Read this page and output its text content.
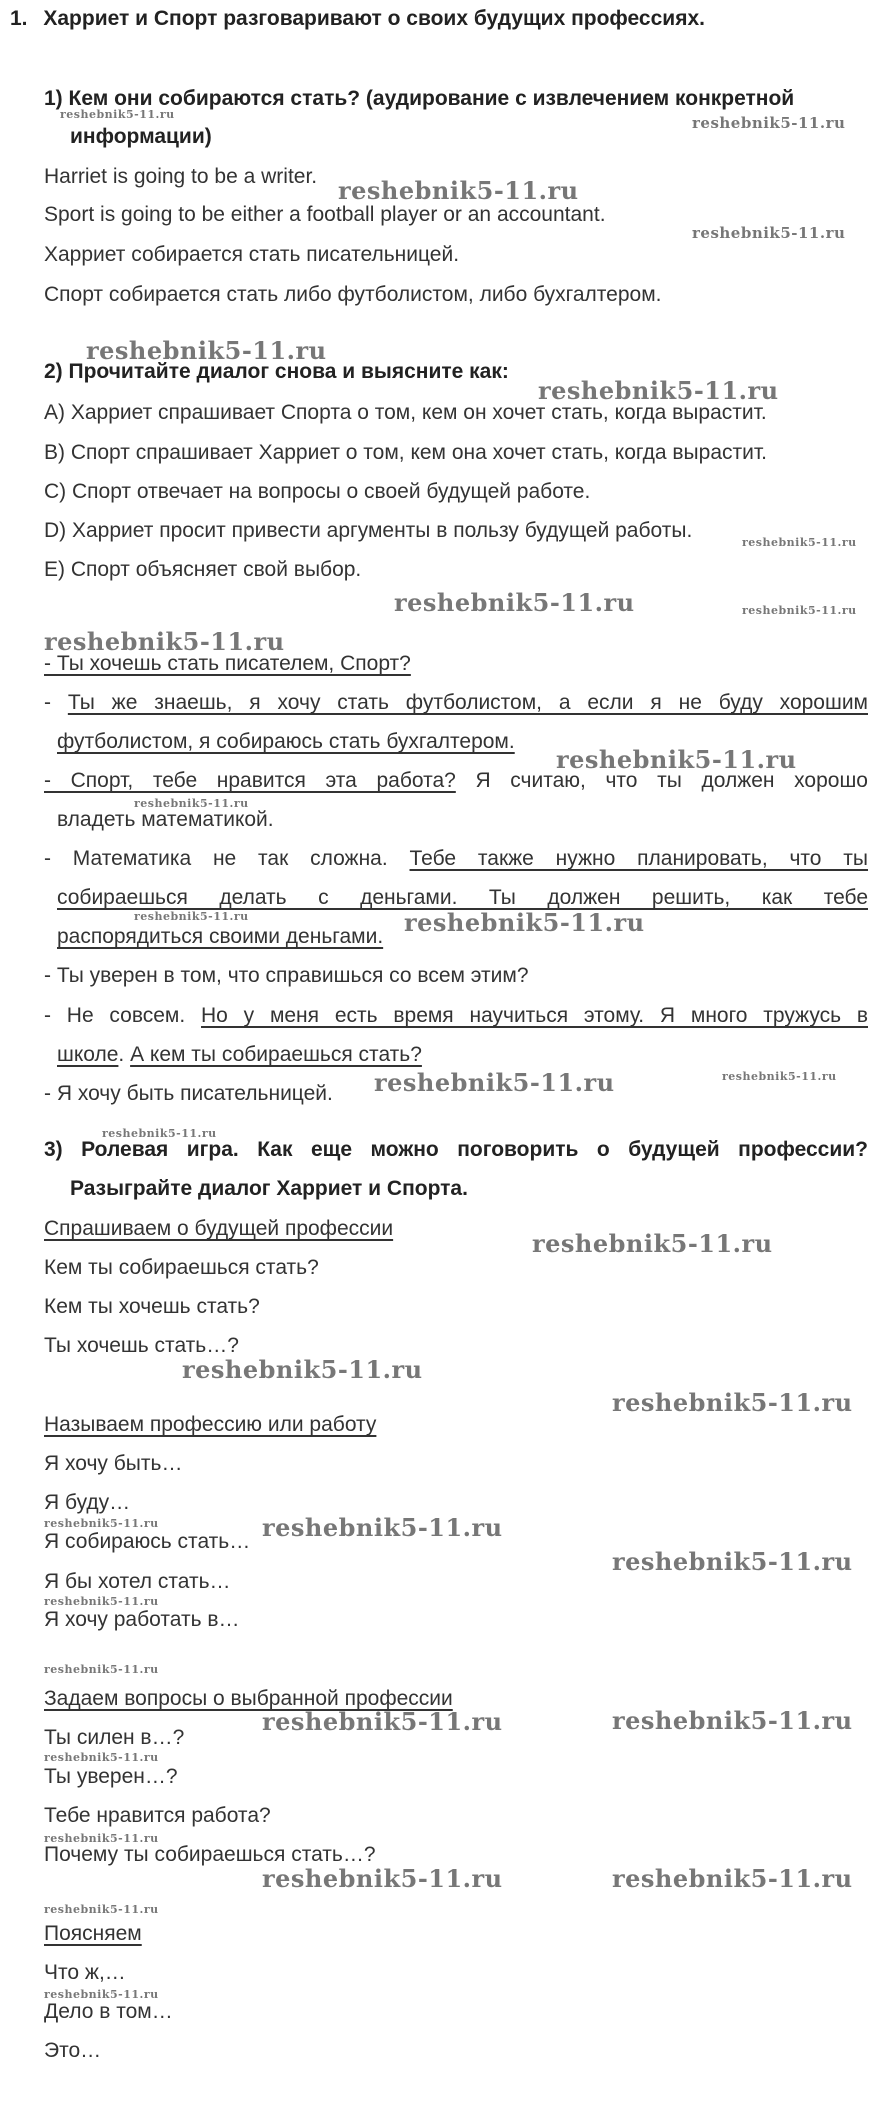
1. Харриет и Спорт разговаривают о своих будущих профессиях.
1) Кем они собираются стать? (аудирование с извлечением конкретной
информации)
Harriet is going to be a writer.
Sport is going to be either a football player or an accountant.
Харриет собирается стать писательницей.
Спорт собирается стать либо футболистом, либо бухгалтером.
2) Прочитайте диалог снова и выясните как:
A) Харриет спрашивает Спорта о том, кем он хочет стать, когда вырастит.
B) Спорт спрашивает Харриет о том, кем она хочет стать, когда вырастит.
C) Спорт отвечает на вопросы о своей будущей работе.
D) Харриет просит привести аргументы в пользу будущей работы.
E) Спорт объясняет свой выбор.
- Ты хочешь стать писателем, Спорт?
- Ты же знаешь, я хочу стать футболистом, а если я не буду хорошим
футболистом, я собираюсь стать бухгалтером.
- Спорт, тебе нравится эта работа? Я считаю, что ты должен хорошо
владеть математикой.
- Математика не так сложна. Тебе также нужно планировать, что ты
собираешься делать с деньгами. Ты должен решить, как тебе
распорядиться своими деньгами.
- Ты уверен в том, что справишься со всем этим?
- Не совсем. Но у меня есть время научиться этому. Я много тружусь в
школе. А кем ты собираешься стать?
- Я хочу быть писательницей.
3) Ролевая игра. Как еще можно поговорить о будущей профессии?
Разыграйте диалог Харриет и Спорта.
Спрашиваем о будущей профессии
Кем ты собираешься стать?
Кем ты хочешь стать?
Ты хочешь стать…?
Называем профессию или работу
Я хочу быть…
Я буду…
Я собираюсь стать…
Я бы хотел стать…
Я хочу работать в…
Задаем вопросы о выбранной профессии
Ты силен в…?
Ты уверен…?
Тебе нравится работа?
Почему ты собираешься стать…?
Поясняем
Что ж,…
Дело в том…
Это…
reshebnik5-11.ru	reshebnik5-11.ru
reshebnik5-11.ru
reshebnik5-11.ru
reshebnik5-11.ru
reshebnik5-11.ru
reshebnik5-11.ru
reshebnik5-11.ru	reshebnik5-11.ru
reshebnik5-11.ru
reshebnik5-11.ru
reshebnik5-11.ru
reshebnik5-11.ru
reshebnik5-11.ru
reshebnik5-11.ru	reshebnik5-11.ru
reshebnik5-11.ru
reshebnik5-11.ru
reshebnik5-11.ru
reshebnik5-11.ru
reshebnik5-11.ru	reshebnik5-11.ru
reshebnik5-11.ru
reshebnik5-11.ru
reshebnik5-11.ru
reshebnik5-11.ru	reshebnik5-11.ru
reshebnik5-11.ru
reshebnik5-11.ru
reshebnik5-11.ru	reshebnik5-11.ru
reshebnik5-11.ru
reshebnik5-11.ru
